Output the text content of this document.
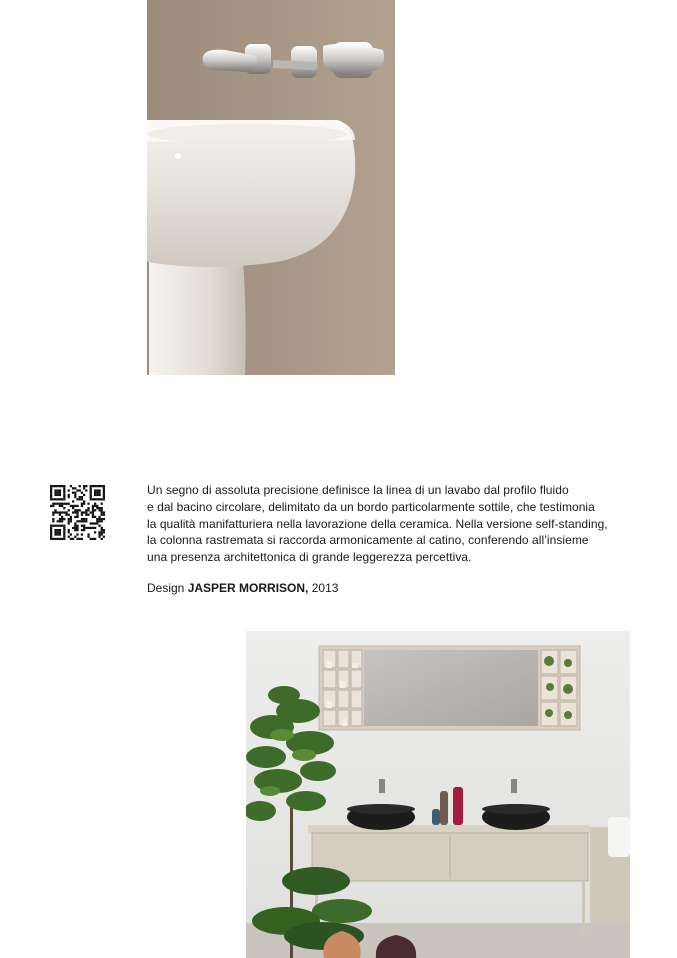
Un segno di assoluta precisione definisce la linea di un lavabo dal profilo fluido
e dal bacino circolare, delimitato da un bordo particolarmente sottile, che testimonia
la qualità manifatturiera nella lavorazione della ceramica. Nella versione self-standing,
la colonna rastremata si raccorda armonicamente al catino, conferendo all’insieme
una presenza architettonica di grande leggerezza percettiva.
Design JASPER MORRISON, 2013
